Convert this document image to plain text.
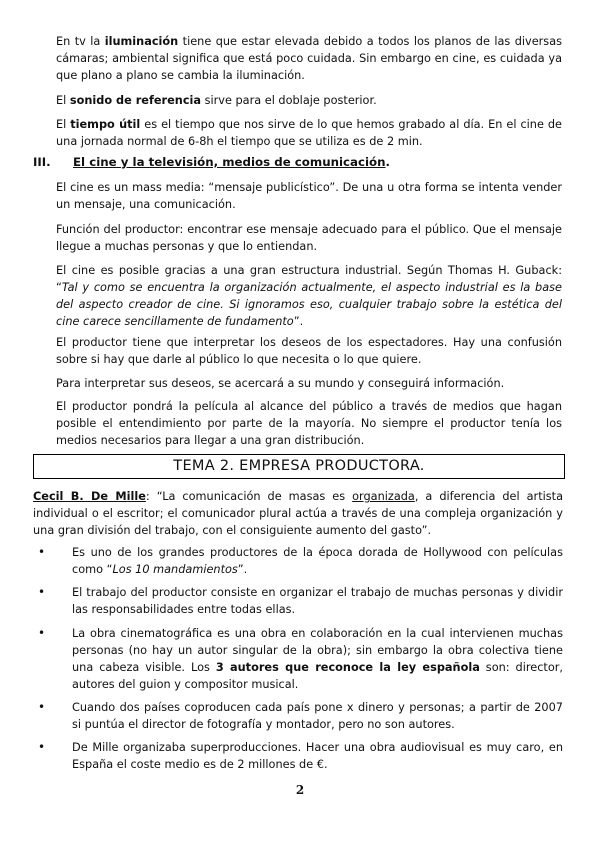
En tv la iluminación tiene que estar elevada debido a todos los planos de las diversas cámaras; ambiental significa que está poco cuidada. Sin embargo en cine, es cuidada ya que plano a plano se cambia la iluminación.

El sonido de referencia sirve para el doblaje posterior.

El tiempo útil es el tiempo que nos sirve de lo que hemos grabado al día. En el cine de una jornada normal de 6-8h el tiempo que se utiliza es de 2 min.

III. El cine y la televisión, medios de comunicación.

El cine es un mass media: “mensaje publicístico”. De una u otra forma se intenta vender un mensaje, una comunicación.

Función del productor: encontrar ese mensaje adecuado para el público. Que el mensaje llegue a muchas personas y que lo entiendan.

El cine es posible gracias a una gran estructura industrial. Según Thomas H. Guback: “Tal y como se encuentra la organización actualmente, el aspecto industrial es la base del aspecto creador de cine. Si ignoramos eso, cualquier trabajo sobre la estética del cine carece sencillamente de fundamento”.

El productor tiene que interpretar los deseos de los espectadores. Hay una confusión sobre si hay que darle al público lo que necesita o lo que quiere.

Para interpretar sus deseos, se acercará a su mundo y conseguirá información.

El productor pondrá la película al alcance del público a través de medios que hagan posible el entendimiento por parte de la mayoría. No siempre el productor tenía los medios necesarios para llegar a una gran distribución.

TEMA 2. EMPRESA PRODUCTORA.

Cecil B. De Mille: “La comunicación de masas es organizada, a diferencia del artista individual o el escritor; el comunicador plural actúa a través de una compleja organización y una gran división del trabajo, con el consiguiente aumento del gasto”.

• Es uno de los grandes productores de la época dorada de Hollywood con películas como “Los 10 mandamientos”.
• El trabajo del productor consiste en organizar el trabajo de muchas personas y dividir las responsabilidades entre todas ellas.
• La obra cinematográfica es una obra en colaboración en la cual intervienen muchas personas (no hay un autor singular de la obra); sin embargo la obra colectiva tiene una cabeza visible. Los 3 autores que reconoce la ley española son: director, autores del guion y compositor musical.
• Cuando dos países coproducen cada país pone x dinero y personas; a partir de 2007 si puntúa el director de fotografía y montador, pero no son autores.
• De Mille organizaba superproducciones. Hacer una obra audiovisual es muy caro, en España el coste medio es de 2 millones de €.
2
